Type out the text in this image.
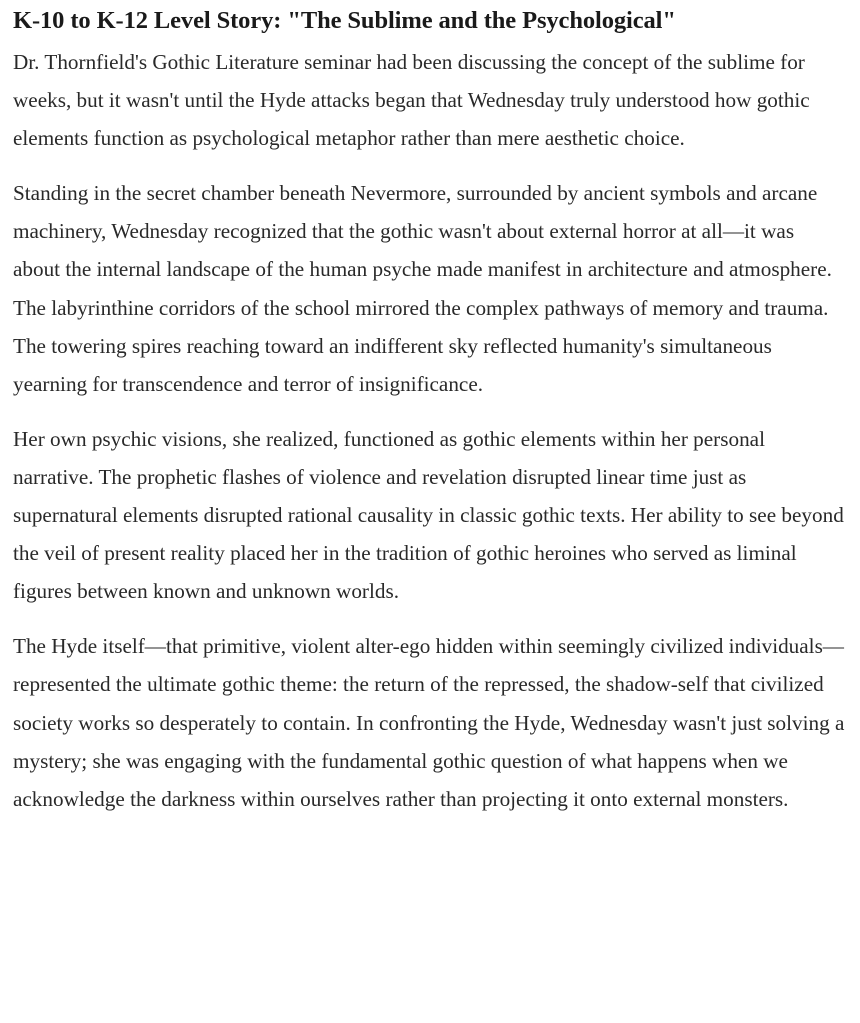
K-10 to K-12 Level Story: "The Sublime and the Psychological"

Dr. Thornfield's Gothic Literature seminar had been discussing the concept of the sublime for weeks, but it wasn't until the Hyde attacks began that Wednesday truly understood how gothic elements function as psychological metaphor rather than mere aesthetic choice.

Standing in the secret chamber beneath Nevermore, surrounded by ancient symbols and arcane machinery, Wednesday recognized that the gothic wasn't about external horror at all—it was about the internal landscape of the human psyche made manifest in architecture and atmosphere. The labyrinthine corridors of the school mirrored the complex pathways of memory and trauma. The towering spires reaching toward an indifferent sky reflected humanity's simultaneous yearning for transcendence and terror of insignificance.

Her own psychic visions, she realized, functioned as gothic elements within her personal narrative. The prophetic flashes of violence and revelation disrupted linear time just as supernatural elements disrupted rational causality in classic gothic texts. Her ability to see beyond the veil of present reality placed her in the tradition of gothic heroines who served as liminal figures between known and unknown worlds.

The Hyde itself—that primitive, violent alter-ego hidden within seemingly civilized individuals—represented the ultimate gothic theme: the return of the repressed, the shadow-self that civilized society works so desperately to contain. In confronting the Hyde, Wednesday wasn't just solving a mystery; she was engaging with the fundamental gothic question of what happens when we acknowledge the darkness within ourselves rather than projecting it onto external monsters.
